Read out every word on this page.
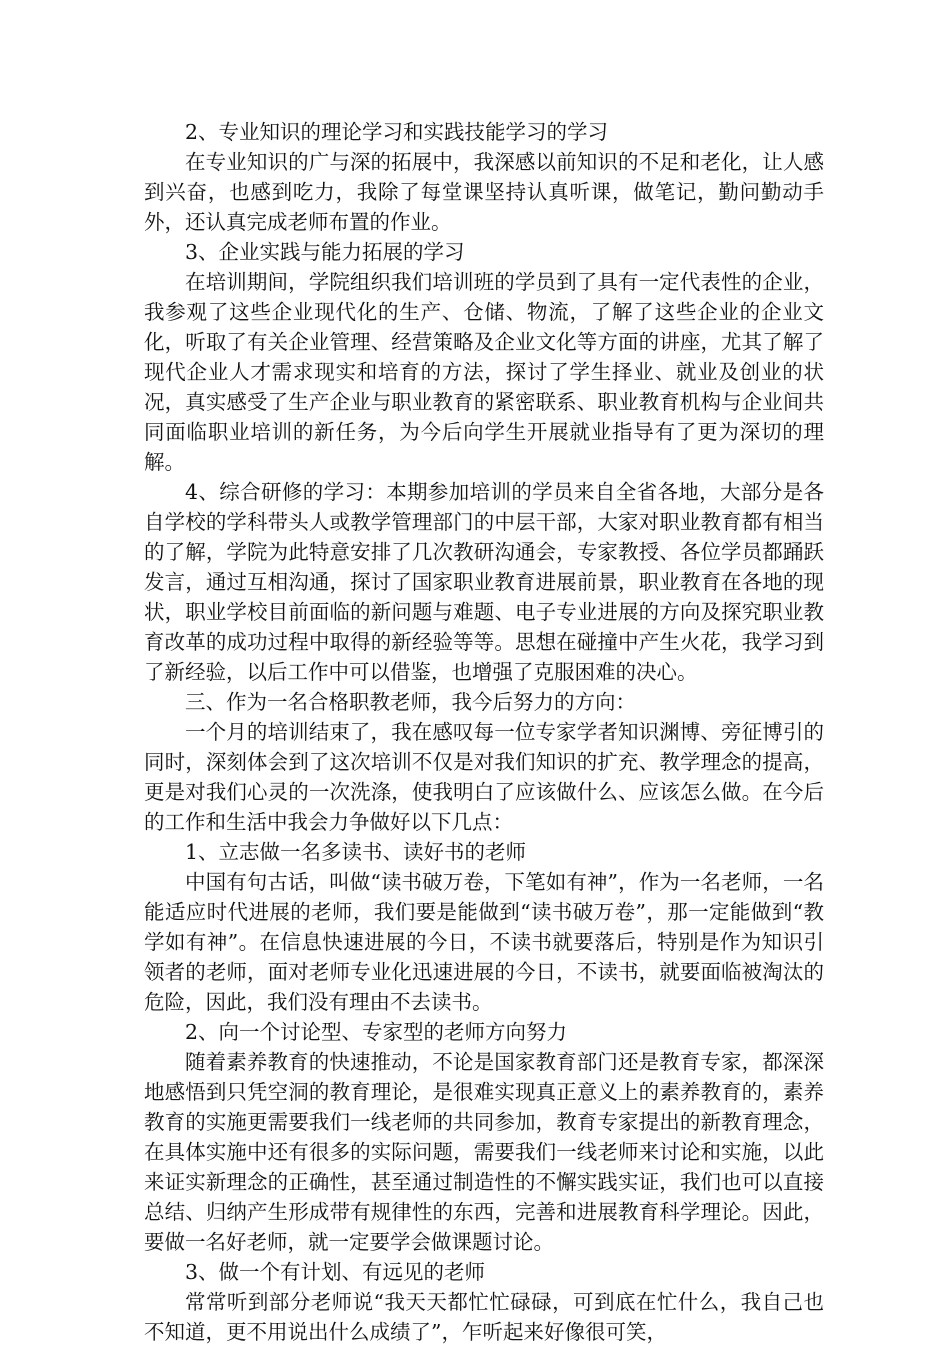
2、专业知识的理论学习和实践技能学习的学习

在专业知识的广与深的拓展中，我深感以前知识的不足和老化，让人感到兴奋，也感到吃力，我除了每堂课坚持认真听课，做笔记，勤问勤动手外，还认真完成老师布置的作业。

3、企业实践与能力拓展的学习

在培训期间，学院组织我们培训班的学员到了具有一定代表性的企业，我参观了这些企业现代化的生产、仓储、物流，了解了这些企业的企业文化，听取了有关企业管理、经营策略及企业文化等方面的讲座，尤其了解了现代企业人才需求现实和培育的方法，探讨了学生择业、就业及创业的状况，真实感受了生产企业与职业教育的紧密联系、职业教育机构与企业间共同面临职业培训的新任务，为今后向学生开展就业指导有了更为深切的理解。

4、综合研修的学习：本期参加培训的学员来自全省各地，大部分是各自学校的学科带头人或教学管理部门的中层干部，大家对职业教育都有相当的了解，学院为此特意安排了几次教研沟通会，专家教授、各位学员都踊跃发言，通过互相沟通，探讨了国家职业教育进展前景，职业教育在各地的现状，职业学校目前面临的新问题与难题、电子专业进展的方向及探究职业教育改革的成功过程中取得的新经验等等。思想在碰撞中产生火花，我学习到了新经验，以后工作中可以借鉴，也增强了克服困难的决心。

三、作为一名合格职教老师，我今后努力的方向：

一个月的培训结束了，我在感叹每一位专家学者知识渊博、旁征博引的同时，深刻体会到了这次培训不仅是对我们知识的扩充、教学理念的提高，更是对我们心灵的一次洗涤，使我明白了应该做什么、应该怎么做。在今后的工作和生活中我会力争做好以下几点：

1、立志做一名多读书、读好书的老师

中国有句古话，叫做“读书破万卷，下笔如有神”，作为一名老师，一名能适应时代进展的老师，我们要是能做到“读书破万卷”，那一定能做到“教学如有神”。在信息快速进展的今日，不读书就要落后，特别是作为知识引领者的老师，面对老师专业化迅速进展的今日，不读书，就要面临被淘汰的危险，因此，我们没有理由不去读书。

2、向一个讨论型、专家型的老师方向努力

随着素养教育的快速推动，不论是国家教育部门还是教育专家，都深深地感悟到只凭空洞的教育理论，是很难实现真正意义上的素养教育的，素养教育的实施更需要我们一线老师的共同参加，教育专家提出的新教育理念，在具体实施中还有很多的实际问题，需要我们一线老师来讨论和实施，以此来证实新理念的正确性，甚至通过制造性的不懈实践实证，我们也可以直接总结、归纳产生形成带有规律性的东西，完善和进展教育科学理论。因此，要做一名好老师，就一定要学会做课题讨论。

3、做一个有计划、有远见的老师

常常听到部分老师说“我天天都忙忙碌碌，可到底在忙什么，我自己也不知道，更不用说出什么成绩了”，乍听起来好像很可笑，
